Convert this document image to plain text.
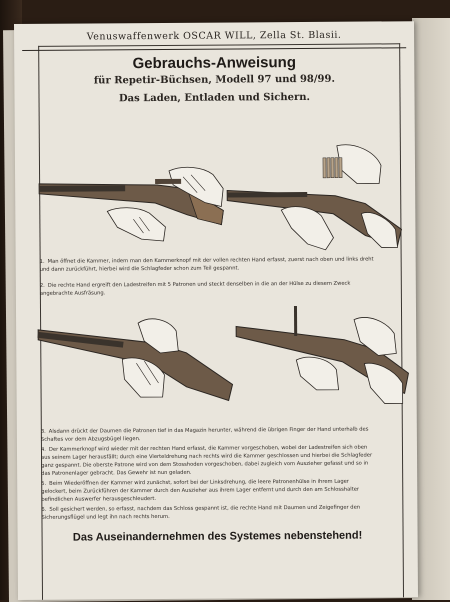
Venuswaffenwerk OSCAR WILL, Zella St. Blasii.
Gebrauchs-Anweisung
für Repetir-Büchsen, Modell 97 und 98/99.
Das Laden, Entladen und Sichern.

1. Man öffnet die Kammer, indem man den Kammerknopf mit der vollen rechten Hand erfasst, zuerst nach oben und links dreht und dann zurückführt, hierbei wird die Schlagfeder schon zum Teil gespannt.

2. Die rechte Hand ergreift den Ladestreifen mit 5 Patronen und steckt denselben in die an der Hülse zu diesem Zweck angebrachte Ausfräsung.

3. Alsdann drückt der Daumen die Patronen tief in das Magazin herunter, während die übrigen Finger der Hand unterhalb des Schaftes vor dem Abzugsbügel liegen.

4. Der Kammerknopf wird wieder mit der rechten Hand erfasst, die Kammer vorgeschoben, wobei der Ladestreifen sich oben aus seinem Lager herausfällt; durch eine Vierteldrehung nach rechts wird die Kammer geschlossen und hierbei die Schlagfeder ganz gespannt. Die oberste Patrone wird von dem Stosshoden vorgeschoben, dabei zugleich vom Auszieher gefasst und so in das Patronenlager gebracht. Das Gewehr ist nun geladen.

5. Beim Wiederöffnen der Kammer wird zunächst, sofort bei der Linksdrehung, die leere Patronenhülse in ihrem Lager gelockert, beim Zurückführen der Kammer durch den Auszieher aus ihrem Lager entfernt und durch den am Schlosshalter befindlichen Auswerfer herausgeschleudert.

6. Soll gesichert werden, so erfasst, nachdem das Schloss gespannt ist, die rechte Hand mit Daumen und Zeigefinger den Sicherungsflügel und legt ihn nach rechts herum.

Das Auseinandernehmen des Systemes nebenstehend!
